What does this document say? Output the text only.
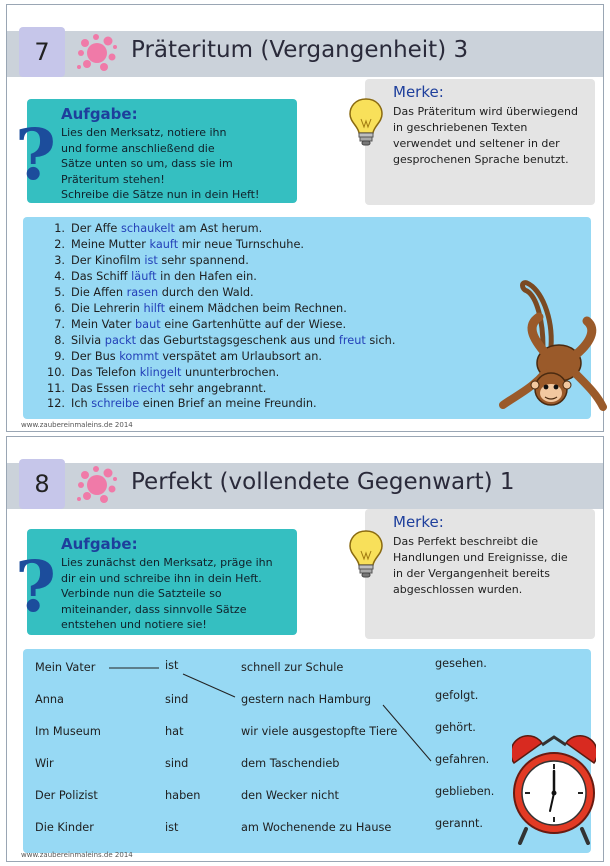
7	Präteritum (Vergangenheit) 3
Aufgabe:
Lies den Merksatz, notiere ihn
und forme anschließend die
Sätze unten so um, dass sie im
Präteritum stehen!
Schreibe die Sätze nun in dein Heft!
?
Merke:
Das Präteritum wird überwiegend
in geschriebenen Texten
verwendet und seltener in der
gesprochenen Sprache benutzt.
1. Der Affe schaukelt am Ast herum.
2. Meine Mutter kauft mir neue Turnschuhe.
3. Der Kinofilm ist sehr spannend.
4. Das Schiff läuft in den Hafen ein.
5. Die Affen rasen durch den Wald.
6. Die Lehrerin hilft einem Mädchen beim Rechnen.
7. Mein Vater baut eine Gartenhütte auf der Wiese.
8. Silvia packt das Geburtstagsgeschenk aus und freut sich.
9. Der Bus kommt verspätet am Urlaubsort an.
10. Das Telefon klingelt ununterbrochen.
11. Das Essen riecht sehr angebrannt.
12. Ich schreibe einen Brief an meine Freundin.
www.zaubereinmaleins.de 2014
8	Perfekt (vollendete Gegenwart) 1
Aufgabe:
Lies zunächst den Merksatz, präge ihn
dir ein und schreibe ihn in dein Heft.
Verbinde nun die Satzteile so
miteinander, dass sinnvolle Sätze
entstehen und notiere sie!
?
Merke:
Das Perfekt beschreibt die
Handlungen und Ereignisse, die
in der Vergangenheit bereits
abgeschlossen wurden.
Mein Vater
Anna
Im Museum
Wir
Der Polizist
Die Kinder
ist
sind
hat
sind
haben
ist
schnell zur Schule
gestern nach Hamburg
wir viele ausgestopfte Tiere
dem Taschendieb
den Wecker nicht
am Wochenende zu Hause
gesehen.
gefolgt.
gehört.
gefahren.
geblieben.
gerannt.
www.zaubereinmaleins.de 2014
